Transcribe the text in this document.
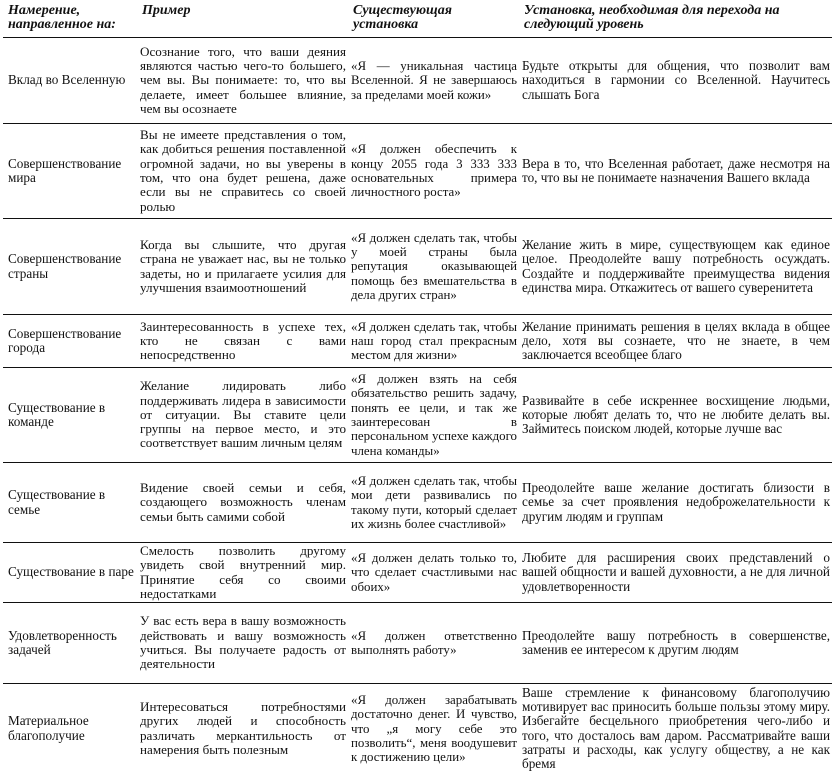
Намерение, направленное на:	Пример	Существующая установка	Установка, необходимая для перехода на следующий уровень
Вклад во Вселенную	Осознание того, что ваши деяния являются частью чего-то большего, чем вы. Вы понимаете: то, что вы делаете, имеет большее влияние, чем вы осознаете	«Я — уникальная частица Вселенной. Я не завершаюсь за пределами моей кожи»	Будьте открыты для общения, что позволит вам находиться в гармонии со Вселенной. Научитесь слышать Бога
Совершенствование мира	Вы не имеете представления о том, как добиться решения поставленной огромной задачи, но вы уверены в том, что она будет решена, даже если вы не справитесь со своей ролью	«Я должен обеспечить к концу 2055 года 3 333 333 основательных примера личностного роста»	Вера в то, что Вселенная работает, даже несмотря на то, что вы не понимаете назначения Вашего вклада
Совершенствование страны	Когда вы слышите, что другая страна не уважает нас, вы не только задеты, но и прилагаете усилия для улучшения взаимоотношений	«Я должен сделать так, чтобы у моей страны была репутация оказывающей помощь без вмешательства в дела других стран»	Желание жить в мире, существующем как единое целое. Преодолейте вашу потребность осуждать. Создайте и поддерживайте преимущества видения единства мира. Откажитесь от вашего суверенитета
Совершенствование города	Заинтересованность в успехе тех, кто не связан с вами непосредственно	«Я должен сделать так, чтобы наш город стал прекрасным местом для жизни»	Желание принимать решения в целях вклада в общее дело, хотя вы сознаете, что не знаете, в чем заключается всеобщее благо
Существование в команде	Желание лидировать либо поддерживать лидера в зависимости от ситуации. Вы ставите цели группы на первое место, и это соответствует вашим личным целям	«Я должен взять на себя обязательство решить задачу, понять ее цели, и так же заинтересован в персональном успехе каждого члена команды»	Развивайте в себе искреннее восхищение людьми, которые любят делать то, что не любите делать вы. Займитесь поиском людей, которые лучше вас
Существование в семье	Видение своей семьи и себя, создающего возможность членам семьи быть самими собой	«Я должен сделать так, чтобы мои дети развивались по такому пути, который сделает их жизнь более счастливой»	Преодолейте ваше желание достигать близости в семье за счет проявления недоброжелательности к другим людям и группам
Существование в паре	Смелость позволить другому увидеть свой внутренний мир. Принятие себя со своими недостатками	«Я должен делать только то, что сделает счастливыми нас обоих»	Любите для расширения своих представлений о вашей общности и вашей духовности, а не для личной удовлетворенности
Удовлетворенность задачей	У вас есть вера в вашу возможность действовать и вашу возможность учиться. Вы получаете радость от деятельности	«Я должен ответственно выполнять работу»	Преодолейте вашу потребность в совершенстве, заменив ее интересом к другим людям
Материальное благополучие	Интересоваться потребностями других людей и способность различать меркантильность от намерения быть полезным	«Я должен зарабатывать достаточно денег. И чувство, что „я могу себе это позволить“, меня воодушевит к достижению цели»	Ваше стремление к финансовому благополучию мотивирует вас приносить больше пользы этому миру. Избегайте бесцельного приобретения чего-либо и того, что досталось вам даром. Рассматривайте ваши затраты и расходы, как услугу обществу, а не как бремя
